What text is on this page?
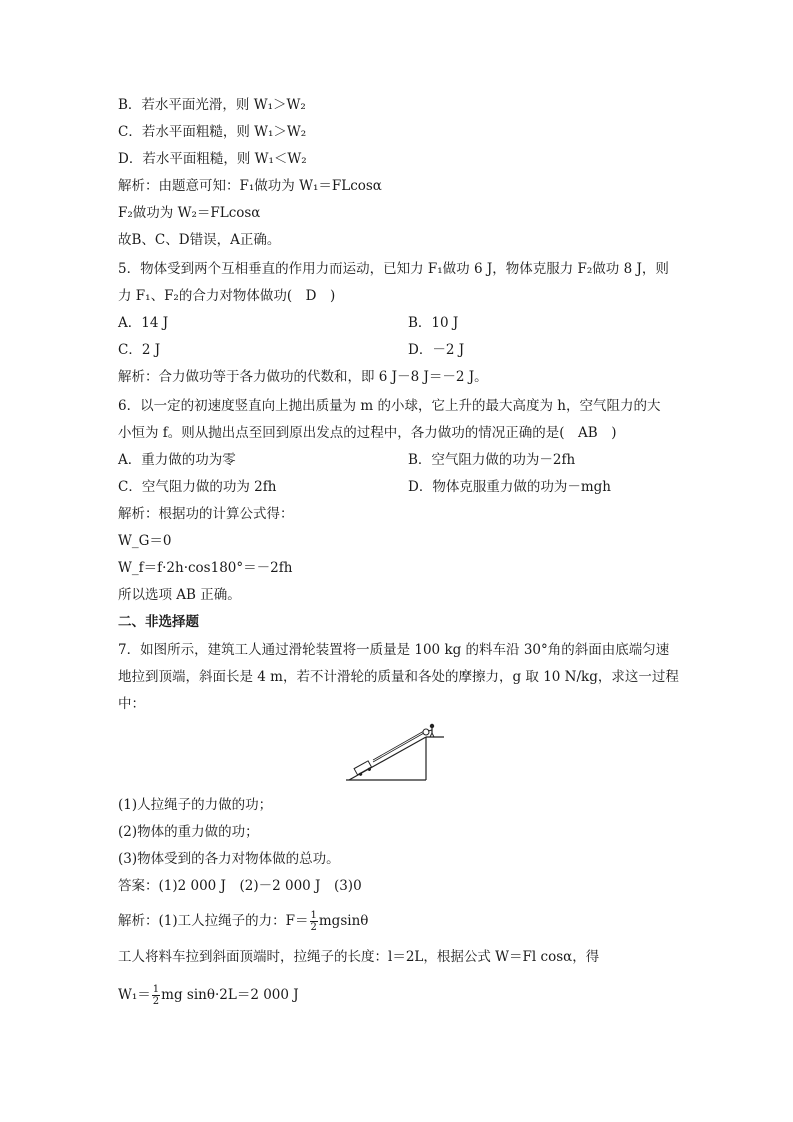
B．若水平面光滑，则 W₁＞W₂
C．若水平面粗糙，则 W₁＞W₂
D．若水平面粗糙，则 W₁＜W₂
解析：由题意可知：F₁做功为 W₁＝FLcosα
F₂做功为 W₂＝FLcosα
故B、C、D错误，A正确。
5．物体受到两个互相垂直的作用力而运动，已知力 F₁做功 6 J，物体克服力 F₂做功 8 J，则
力 F₁、F₂的合力对物体做功(　D　)
A．14 J	B．10 J
C．2 J	D．－2 J
解析：合力做功等于各力做功的代数和，即 6 J－8 J＝－2 J。
6．以一定的初速度竖直向上抛出质量为 m 的小球，它上升的最大高度为 h，空气阻力的大
小恒为 f。则从抛出点至回到原出发点的过程中，各力做功的情况正确的是(　AB　)
A．重力做的功为零	B．空气阻力做的功为－2fh
C．空气阻力做的功为 2fh	D．物体克服重力做的功为－mgh
解析：根据功的计算公式得：
W_G＝0
W_f＝f·2h·cos180°＝－2fh
所以选项 AB 正确。
二、非选择题
7．如图所示，建筑工人通过滑轮装置将一质量是 100 kg 的料车沿 30°角的斜面由底端匀速
地拉到顶端，斜面长是 4 m，若不计滑轮的质量和各处的摩擦力，g 取 10 N/kg，求这一过程
中：
(1)人拉绳子的力做的功；
(2)物体的重力做的功；
(3)物体受到的各力对物体做的总功。
答案：(1)2 000 J　(2)－2 000 J　(3)0
解析：(1)工人拉绳子的力：$F= \frac{1}{2}$ mgsinθ
工人将料车拉到斜面顶端时，拉绳子的长度：l＝2L，根据公式 W＝Fl cosα，得
$W_1= \frac{1}{2}$ mg sinθ·2L＝2 000 J
